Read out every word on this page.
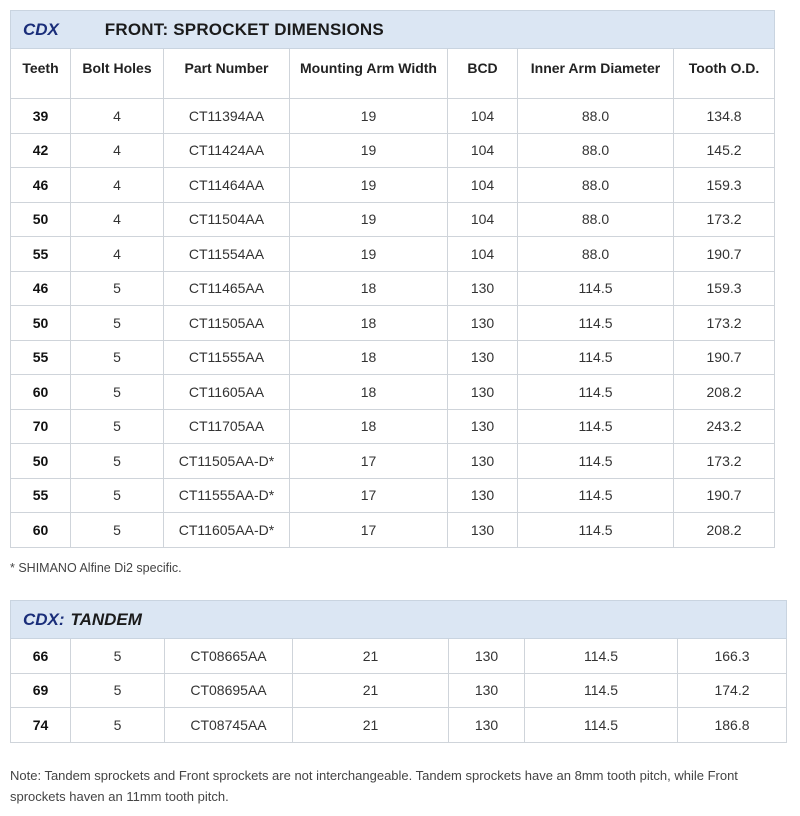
CDX FRONT: SPROCKET DIMENSIONS						
Teeth	Bolt Holes	Part Number	Mounting Arm Width	BCD	Inner Arm Diameter	Tooth O.D.
39	4	CT11394AA	19	104	88.0	134.8
42	4	CT11424AA	19	104	88.0	145.2
46	4	CT11464AA	19	104	88.0	159.3
50	4	CT11504AA	19	104	88.0	173.2
55	4	CT11554AA	19	104	88.0	190.7
46	5	CT11465AA	18	130	114.5	159.3
50	5	CT11505AA	18	130	114.5	173.2
55	5	CT11555AA	18	130	114.5	190.7
60	5	CT11605AA	18	130	114.5	208.2
70	5	CT11705AA	18	130	114.5	243.2
50	5	CT11505AA-D*	17	130	114.5	173.2
55	5	CT11555AA-D*	17	130	114.5	190.7
60	5	CT11605AA-D*	17	130	114.5	208.2
* SHIMANO Alfine Di2 specific.
CDX: TANDEM						
66	5	CT08665AA	21	130	114.5	166.3
69	5	CT08695AA	21	130	114.5	174.2
74	5	CT08745AA	21	130	114.5	186.8
Note: Tandem sprockets and Front sprockets are not interchangeable. Tandem sprockets have an 8mm tooth pitch, while Front sprockets haven an 11mm tooth pitch.
